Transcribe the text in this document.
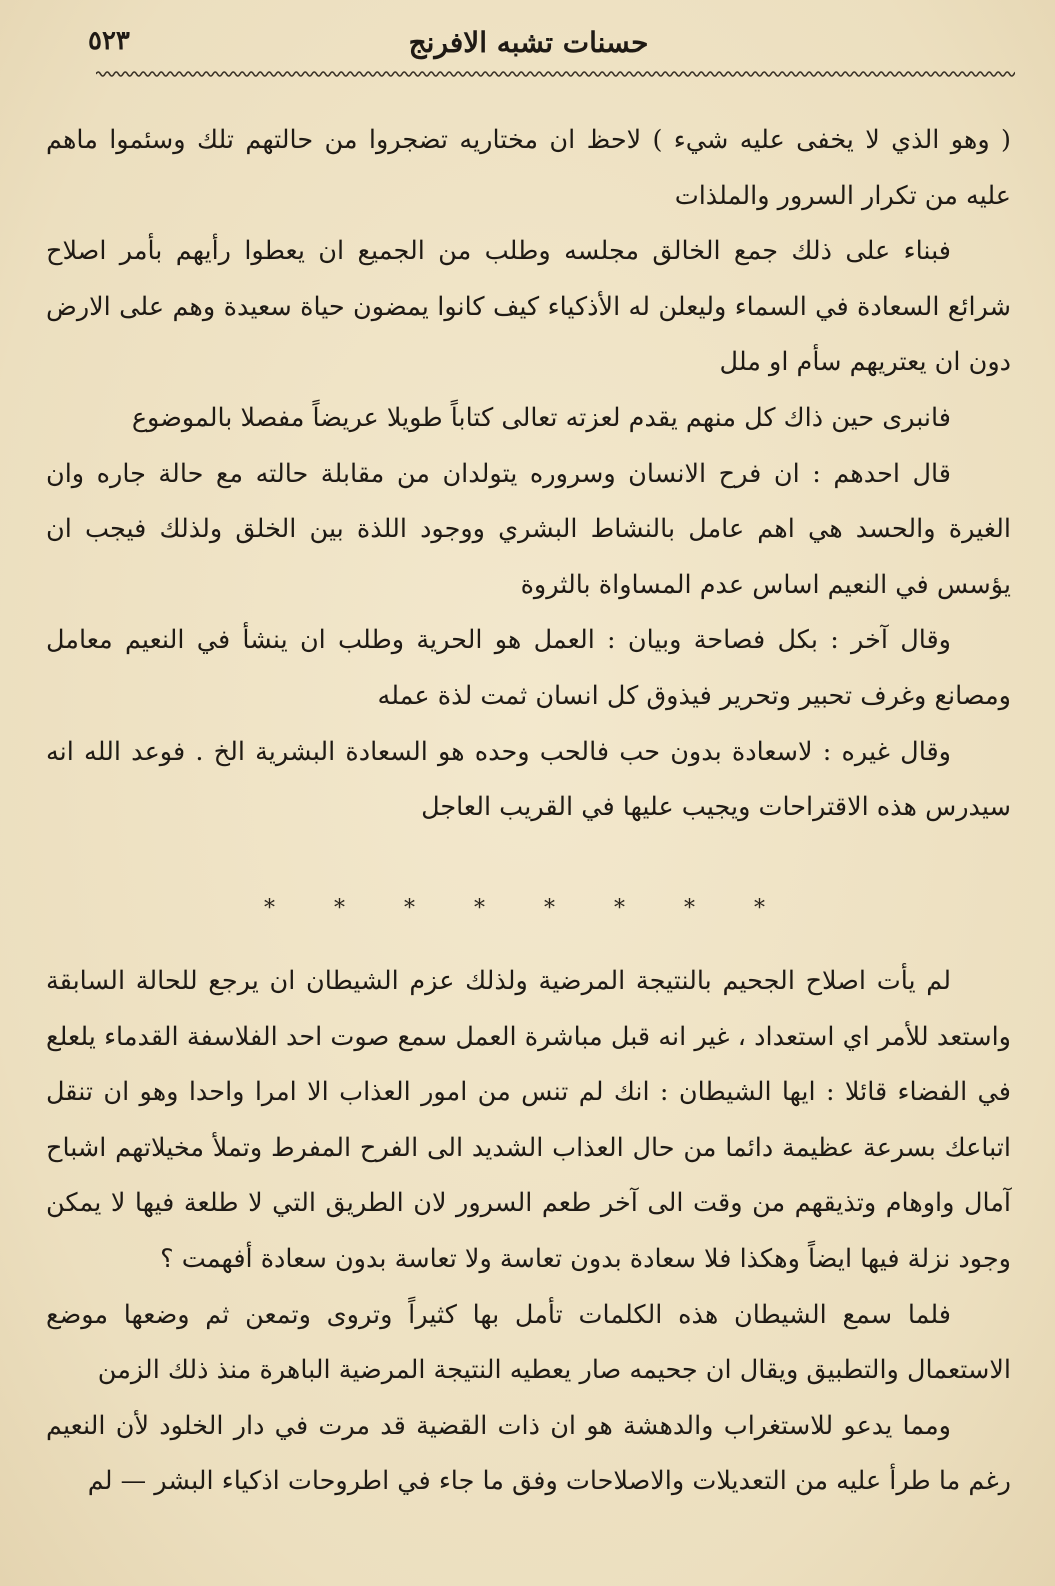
حسنات تشبه الافرنج
٥٢٣

( وهو الذي لا يخفى عليه شيء ) لاحظ ان مختاريه تضجروا من حالتهم تلك وسئموا ماهم عليه من تكرار السرور والملذات

فبناء على ذلك جمع الخالق مجلسه وطلب من الجميع ان يعطوا رأيهم بأمر اصلاح شرائع السعادة في السماء وليعلن له الأذكياء كيف كانوا يمضون حياة سعيدة وهم على الارض دون ان يعتريهم سأم او ملل

فانبرى حين ذاك كل منهم يقدم لعزته تعالى كتاباً طويلا عريضاً مفصلا بالموضوع

قال احدهم : ان فرح الانسان وسروره يتولدان من مقابلة حالته مع حالة جاره وان الغيرة والحسد هي اهم عامل بالنشاط البشري ووجود اللذة بين الخلق ولذلك فيجب ان يؤسس في النعيم اساس عدم المساواة بالثروة

وقال آخر : بكل فصاحة وبيان : العمل هو الحرية وطلب ان ينشأ في النعيم معامل ومصانع وغرف تحبير وتحرير فيذوق كل انسان ثمت لذة عمله

وقال غيره : لاسعادة بدون حب فالحب وحده هو السعادة البشرية الخ . فوعد الله انه سيدرس هذه الاقتراحات ويجيب عليها في القريب العاجل

* * * * * * * *

لم يأت اصلاح الجحيم بالنتيجة المرضية ولذلك عزم الشيطان ان يرجع للحالة السابقة واستعد للأمر اي استعداد ، غير انه قبل مباشرة العمل سمع صوت احد الفلاسفة القدماء يلعلع في الفضاء قائلا : ايها الشيطان : انك لم تنس من امور العذاب الا امرا واحدا وهو ان تنقل اتباعك بسرعة عظيمة دائما من حال العذاب الشديد الى الفرح المفرط وتملأ مخيلاتهم اشباح آمال واوهام وتذيقهم من وقت الى آخر طعم السرور لان الطريق التي لا طلعة فيها لا يمكن وجود نزلة فيها ايضاً وهكذا فلا سعادة بدون تعاسة ولا تعاسة بدون سعادة أفهمت ؟

فلما سمع الشيطان هذه الكلمات تأمل بها كثيراً وتروى وتمعن ثم وضعها موضع الاستعمال والتطبيق ويقال ان جحيمه صار يعطيه النتيجة المرضية الباهرة منذ ذلك الزمن

ومما يدعو للاستغراب والدهشة هو ان ذات القضية قد مرت في دار الخلود لأن النعيم رغم ما طرأ عليه من التعديلات والاصلاحات وفق ما جاء في اطروحات اذكياء البشر — لم
